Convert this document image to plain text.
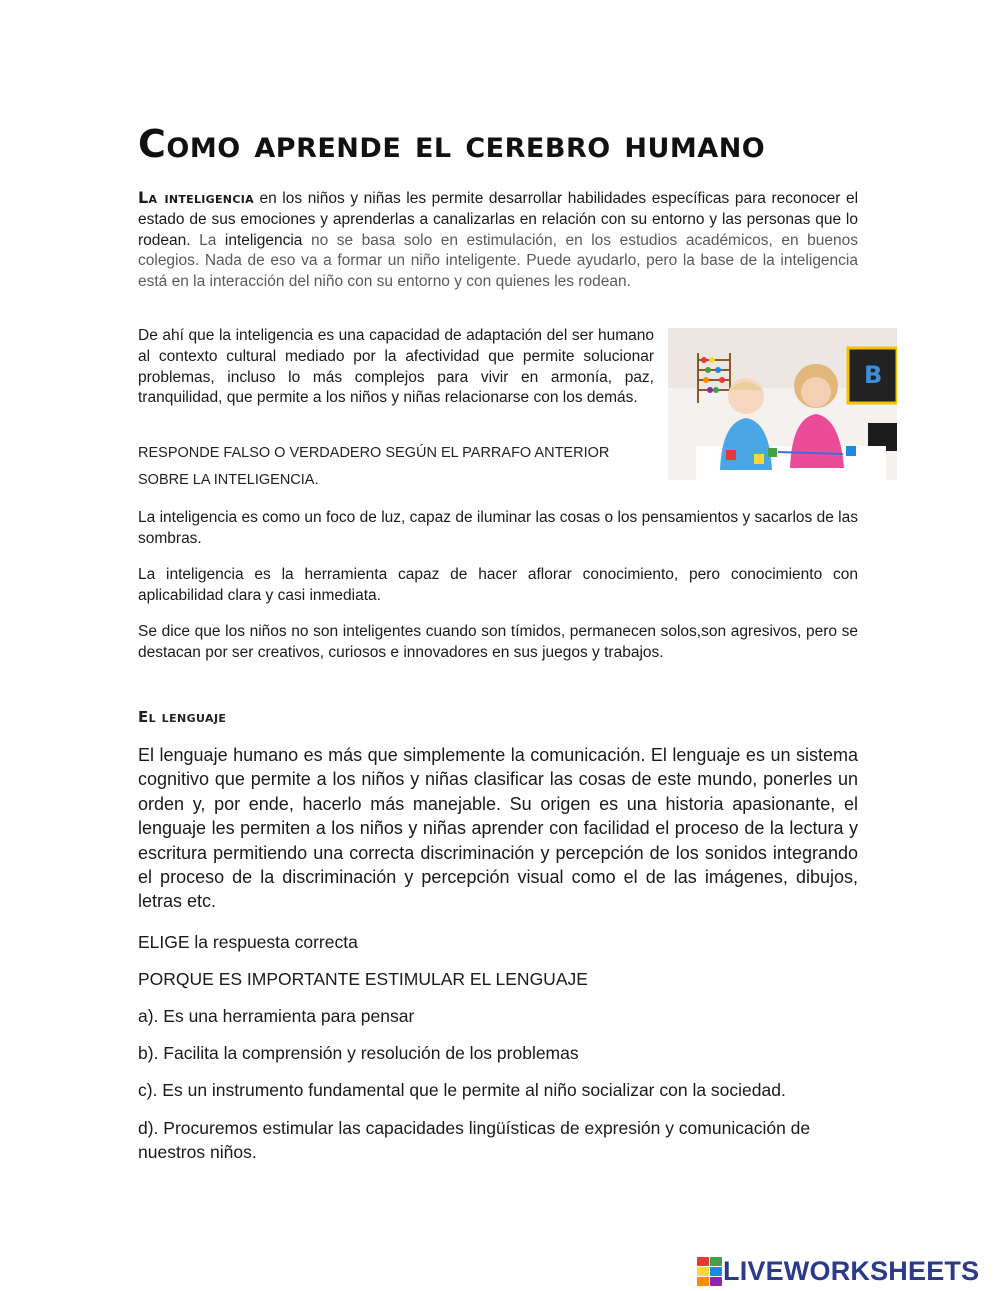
Como aprende el cerebro humano

La inteligencia en los niños y niñas les permite desarrollar habilidades específicas para reconocer el estado de sus emociones y aprenderlas a canalizarlas en relación con su entorno y las personas que lo rodean. La inteligencia no se basa solo en estimulación, en los estudios académicos, en buenos colegios. Nada de eso va a formar un niño inteligente. Puede ayudarlo, pero la base de la inteligencia está en la interacción del niño con su entorno y con quienes les rodean.

De ahí que la inteligencia es una capacidad de adaptación del ser humano al contexto cultural mediado por la afectividad que permite solucionar problemas, incluso lo más complejos para vivir en armonía, paz, tranquilidad, que permite a los niños y niñas relacionarse con los demás.

B

RESPONDE FALSO O VERDADERO SEGÚN EL PARRAFO ANTERIOR SOBRE LA INTELIGENCIA.

La inteligencia es como un foco de luz, capaz de iluminar las cosas o los pensamientos y sacarlos de las sombras.

La inteligencia es la herramienta capaz de hacer aflorar conocimiento, pero conocimiento con aplicabilidad clara y casi inmediata.

Se dice que los niños no son inteligentes cuando son tímidos, permanecen solos,son agresivos, pero se destacan por ser creativos, curiosos e innovadores en sus juegos y trabajos.

El lenguaje

El lenguaje humano es más que simplemente la comunicación. El lenguaje es un sistema cognitivo que permite a los niños y niñas clasificar las cosas de este mundo, ponerles un orden y, por ende, hacerlo más manejable. Su origen es una historia apasionante, el lenguaje les permiten a los niños y niñas aprender con facilidad el proceso de la lectura y escritura permitiendo una correcta discriminación y percepción de los sonidos integrando el proceso de la discriminación y percepción visual como el de las imágenes, dibujos, letras etc.

ELIGE la respuesta correcta

PORQUE ES IMPORTANTE ESTIMULAR EL LENGUAJE

a). Es una herramienta para pensar

b). Facilita la comprensión y resolución de los problemas

c). Es un instrumento fundamental que le permite al niño socializar con la sociedad.

d). Procuremos estimular las capacidades lingüísticas de expresión y comunicación de nuestros niños.

LIVEWORKSHEETS
